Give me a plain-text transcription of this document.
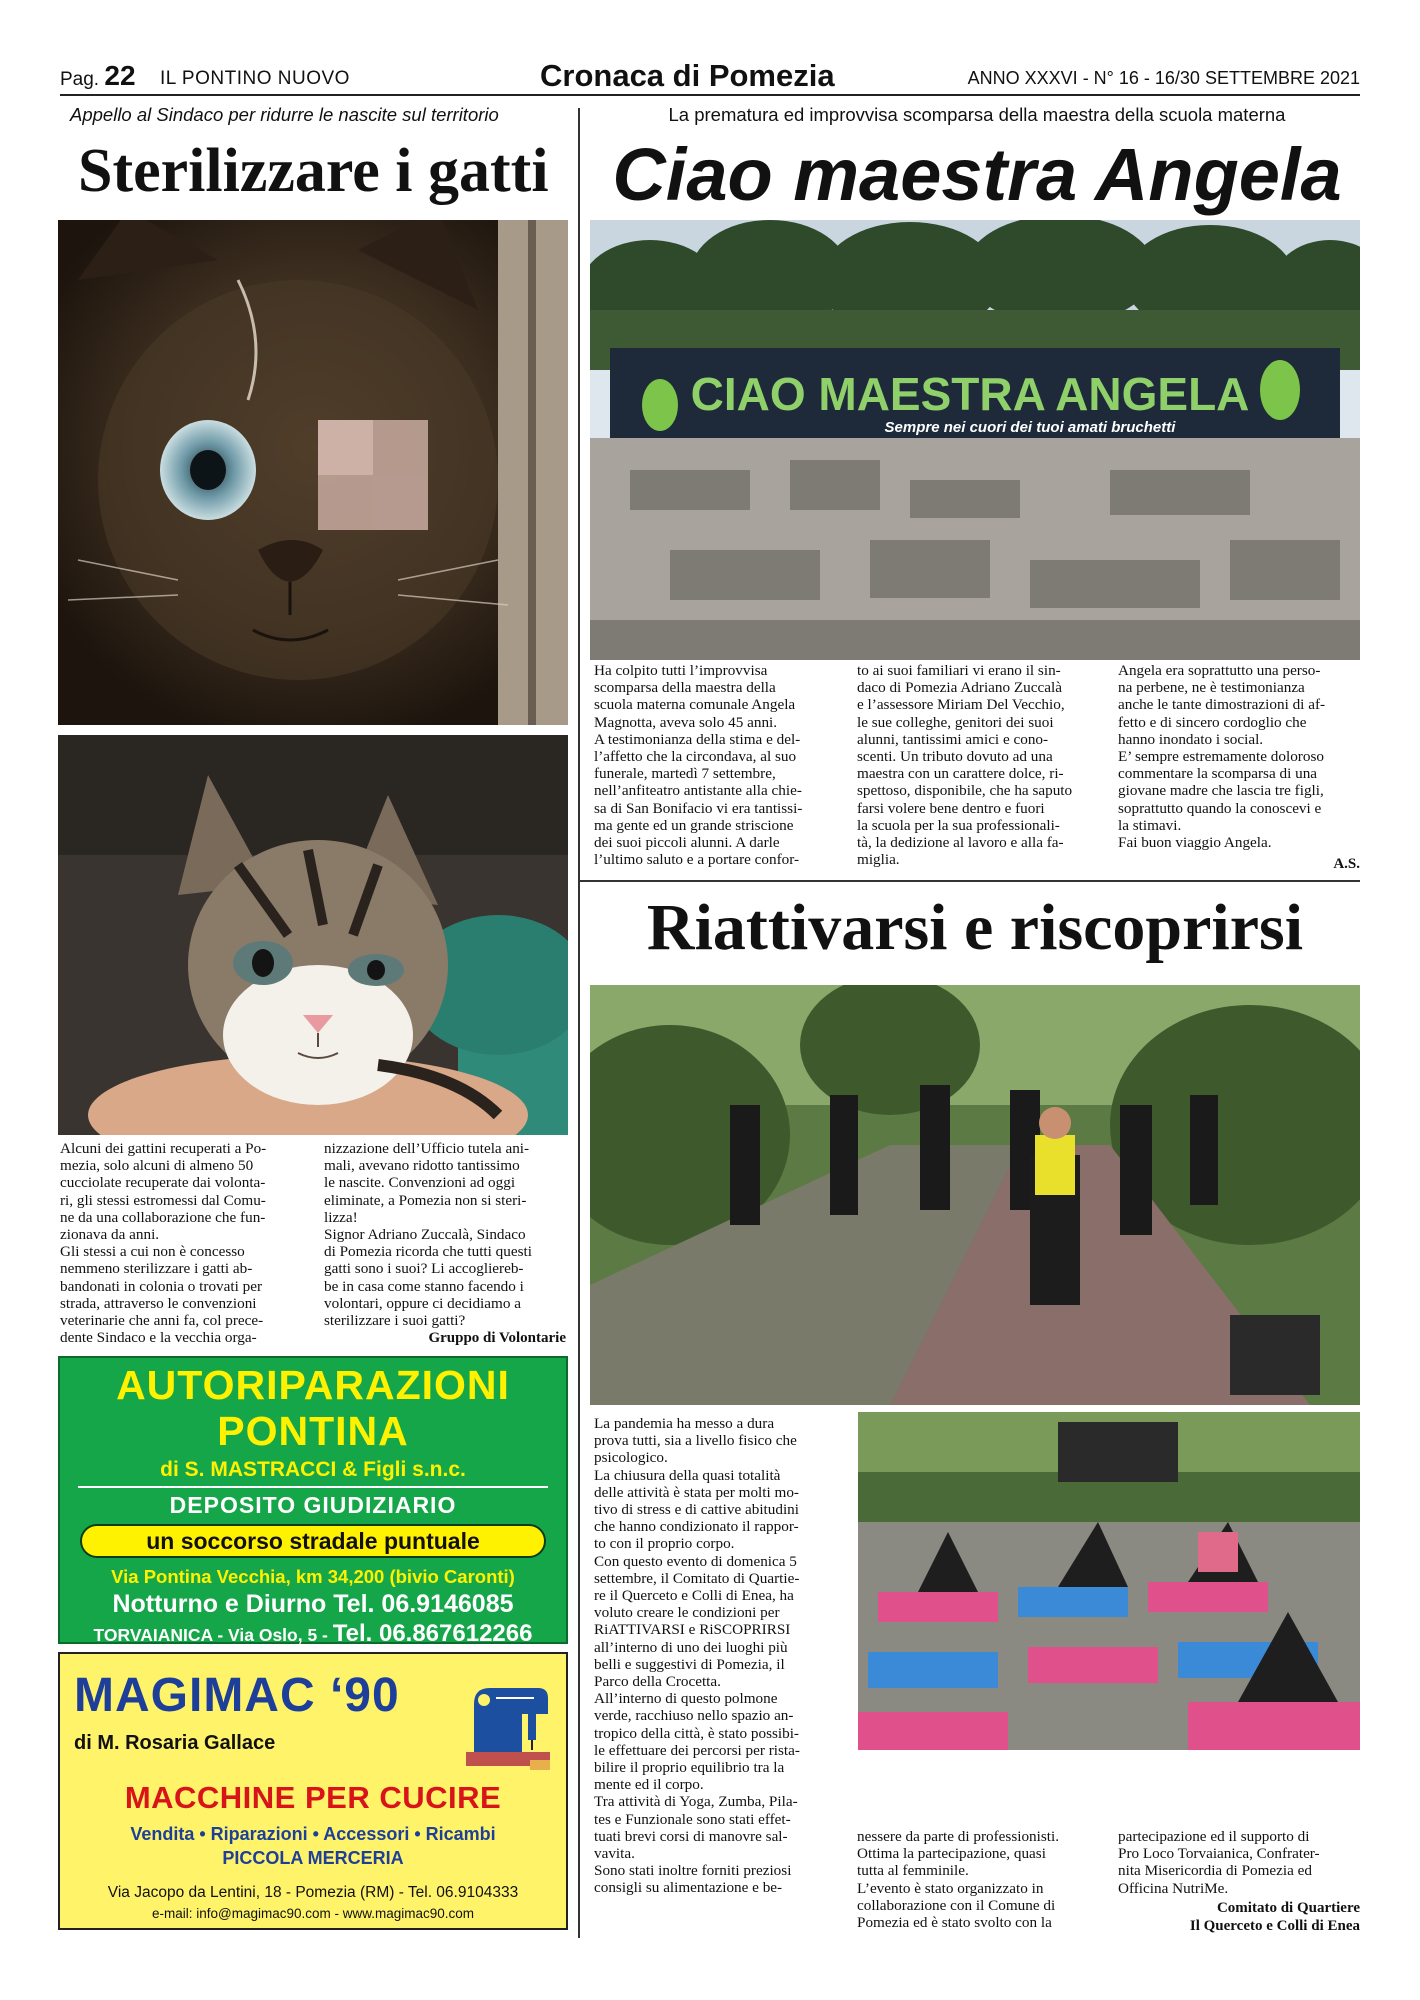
Pag. 22 IL PONTINO NUOVO	Cronaca di Pomezia	ANNO XXXVI - N° 16 - 16/30 SETTEMBRE 2021
Appello al Sindaco per ridurre le nascite sul territorio
Sterilizzare i gatti

Alcuni dei gattini recuperati a Po-

mezia, solo alcuni di almeno 50

cucciolate recuperate dai volonta-

ri, gli stessi estromessi dal Comu-

ne da una collaborazione che fun-

zionava da anni.

Gli stessi a cui non è concesso

nemmeno sterilizzare i gatti ab-

bandonati in colonia o trovati per

strada, attraverso le convenzioni

veterinarie che anni fa, col prece-

dente Sindaco e la vecchia orga-

nizzazione dell’Ufficio tutela ani-

mali, avevano ridotto tantissimo

le nascite. Convenzioni ad oggi

eliminate, a Pomezia non si steri-

lizza!

Signor Adriano Zuccalà, Sindaco

di Pomezia ricorda che tutti questi

gatti sono i suoi? Li accogliereb-

be in casa come stanno facendo i

volontari, oppure ci decidiamo a

sterilizzare i suoi gatti?

Gruppo di Volontarie
AUTORIPARAZIONI
PONTINA
di S. MASTRACCI & Figli s.n.c.
DEPOSITO GIUDIZIARIO
un soccorso stradale puntuale
Via Pontina Vecchia, km 34,200 (bivio Caronti)
Notturno e Diurno Tel. 06.9146085
TORVAIANICA - Via Oslo, 5 - Tel. 06.867612266
MAGIMAC ‘90
di M. Rosaria Gallace
MACCHINE PER CUCIRE
Vendita • Riparazioni • Accessori • Ricambi
PICCOLA MERCERIA
Via Jacopo da Lentini, 18 - Pomezia (RM) - Tel. 06.9104333
e-mail: info@magimac90.com - www.magimac90.com
La prematura ed improvvisa scomparsa della maestra della scuola materna
Ciao maestra Angela
CIAO MAESTRA ANGELA
Sempre nei cuori dei tuoi amati bruchetti

Ha colpito tutti l’improvvisa

scomparsa della maestra della

scuola materna comunale Angela

Magnotta, aveva solo 45 anni.

A testimonianza della stima e del-

l’affetto che la circondava, al suo

funerale, martedì 7 settembre,

nell’anfiteatro antistante alla chie-

sa di San Bonifacio vi era tantissi-

ma gente ed un grande striscione

dei suoi piccoli alunni. A darle

l’ultimo saluto e a portare confor-

to ai suoi familiari vi erano il sin-

daco di Pomezia Adriano Zuccalà

e l’assessore Miriam Del Vecchio,

le sue colleghe, genitori dei suoi

alunni, tantissimi amici e cono-

scenti. Un tributo dovuto ad una

maestra con un carattere dolce, ri-

spettoso, disponibile, che ha saputo

farsi volere bene dentro e fuori

la scuola per la sua professionali-

tà, la dedizione al lavoro e alla fa-

miglia.

Angela era soprattutto una perso-

na perbene, ne è testimonianza

anche le tante dimostrazioni di af-

fetto e di sincero cordoglio che

hanno inondato i social.

E’ sempre estremamente doloroso

commentare la scomparsa di una

giovane madre che lascia tre figli,

soprattutto quando la conoscevi e

la stimavi.

Fai buon viaggio Angela.

A.S.
Riattivarsi e riscoprirsi

La pandemia ha messo a dura

prova tutti, sia a livello fisico che

psicologico.

La chiusura della quasi totalità

delle attività è stata per molti mo-

tivo di stress e di cattive abitudini

che hanno condizionato il rappor-

to con il proprio corpo.

Con questo evento di domenica 5

settembre, il Comitato di Quartie-

re il Querceto e Colli di Enea, ha

voluto creare le condizioni per

RiATTIVARSI e RiSCOPRIRSI

all’interno di uno dei luoghi più

belli e suggestivi di Pomezia, il

Parco della Crocetta.

All’interno di questo polmone

verde, racchiuso nello spazio an-

tropico della città, è stato possibi-

le effettuare dei percorsi per rista-

bilire il proprio equilibrio tra la

mente ed il corpo.

Tra attività di Yoga, Zumba, Pila-

tes e Funzionale sono stati effet-

tuati brevi corsi di manovre sal-

vavita.

Sono stati inoltre forniti preziosi

consigli su alimentazione e be-

nessere da parte di professionisti.

Ottima la partecipazione, quasi

tutta al femminile.

L’evento è stato organizzato in

collaborazione con il Comune di

Pomezia ed è stato svolto con la

partecipazione ed il supporto di

Pro Loco Torvaianica, Confrater-

nita Misericordia di Pomezia ed

Officina NutriMe.

Comitato di Quartiere
Il Querceto e Colli di Enea
